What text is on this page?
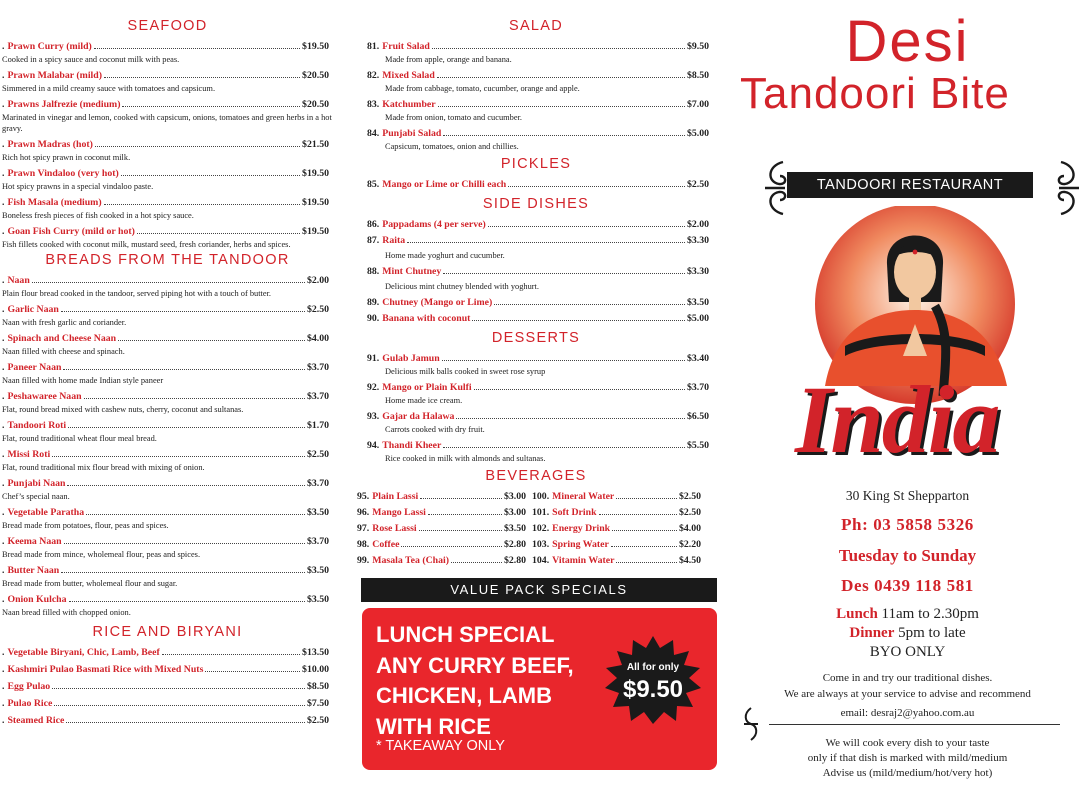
SEAFOOD
. Prawn Curry (mild)	$19.50
Cooked in a spicy sauce and coconut milk with peas.
. Prawn Malabar (mild)	$20.50
Simmered in a mild creamy sauce with tomatoes and capsicum.
. Prawns Jalfrezie (medium)	$20.50
Marinated in vinegar and lemon, cooked with capsicum, onions, tomatoes and green herbs in a hot gravy.
. Prawn Madras (hot)	$21.50
Rich hot spicy prawn in coconut milk.
. Prawn Vindaloo (very hot)	$19.50
Hot spicy prawns in a special vindaloo paste.
. Fish Masala (medium)	$19.50
Boneless fresh pieces of fish cooked in a hot spicy sauce.
. Goan Fish Curry (mild or hot)	$19.50
Fish fillets cooked with coconut milk, mustard seed, fresh coriander, herbs and spices.
BREADS FROM THE TANDOOR
. Naan	$2.00
Plain flour bread cooked in the tandoor, served piping hot with a touch of butter.
. Garlic Naan	$2.50
Naan with fresh garlic and coriander.
. Spinach and Cheese Naan	$4.00
Naan filled with cheese and spinach.
. Paneer Naan	$3.70
Naan filled with home made Indian style paneer
. Peshawaree Naan	$3.70
Flat, round bread mixed with cashew nuts, cherry, coconut and sultanas.
. Tandoori Roti	$1.70
Flat, round traditional wheat flour meal bread.
. Missi Roti	$2.50
Flat, round traditional mix flour bread with mixing of onion.
. Punjabi Naan	$3.70
Chef’s special naan.
. Vegetable Paratha	$3.50
Bread made from potatoes, flour, peas and spices.
. Keema Naan	$3.70
Bread made from mince, wholemeal flour, peas and spices.
. Butter Naan	$3.50
Bread made from butter, wholemeal flour and sugar.
. Onion Kulcha	$3.50
Naan bread filled with chopped onion.
RICE AND BIRYANI
. Vegetable Biryani, Chic, Lamb, Beef	$13.50
. Kashmiri Pulao Basmati Rice with Mixed Nuts	$10.00
. Egg Pulao	$8.50
. Pulao Rice	$7.50
. Steamed Rice	$2.50
SALAD
81. Fruit Salad	$9.50
Made from apple, orange and banana.
82. Mixed Salad	$8.50
Made from cabbage, tomato, cucumber, orange and apple.
83. Katchumber	$7.00
Made from onion, tomato and cucumber.
84. Punjabi Salad	$5.00
Capsicum, tomatoes, onion and chillies.
PICKLES
85. Mango or Lime or Chilli each	$2.50
SIDE DISHES
86. Pappadams (4 per serve)	$2.00
87. Raita	$3.30
Home made yoghurt and cucumber.
88. Mint Chutney	$3.30
Delicious mint chutney blended with yoghurt.
89. Chutney (Mango or Lime)	$3.50
90. Banana with coconut	$5.00
DESSERTS
91. Gulab Jamun	$3.40
Delicious milk balls cooked in sweet rose syrup
92. Mango or Plain Kulfi	$3.70
Home made ice cream.
93. Gajar da Halawa	$6.50
Carrots cooked with dry fruit.
94. Thandi Kheer	$5.50
Rice cooked in milk with almonds and sultanas.
BEVERAGES
95. Plain Lassi	$3.00
96. Mango Lassi	$3.00
97. Rose Lassi	$3.50
98. Coffee	$2.80
99. Masala Tea (Chai)	$2.80
100. Mineral Water	$2.50
101. Soft Drink	$2.50
102. Energy Drink	$4.00
103. Spring Water	$2.20
104. Vitamin Water	$4.50
VALUE PACK SPECIALS
LUNCH SPECIAL
ANY CURRY BEEF,
CHICKEN, LAMB
WITH RICE
* TAKEAWAY ONLY
All for only
$9.50
Desi
Tandoori Bite
TANDOORI RESTAURANT
India
30 King St Shepparton
Ph: 03 5858 5326
Tuesday to Sunday
Des 0439 118 581
Lunch 11am to 2.30pm
Dinner 5pm to late
BYO ONLY
Come in and try our traditional dishes.
We are always at your service to advise and recommend
email: desraj2@yahoo.com.au
We will cook every dish to your taste
only if that dish is marked with mild/medium
Advise us (mild/medium/hot/very hot)
